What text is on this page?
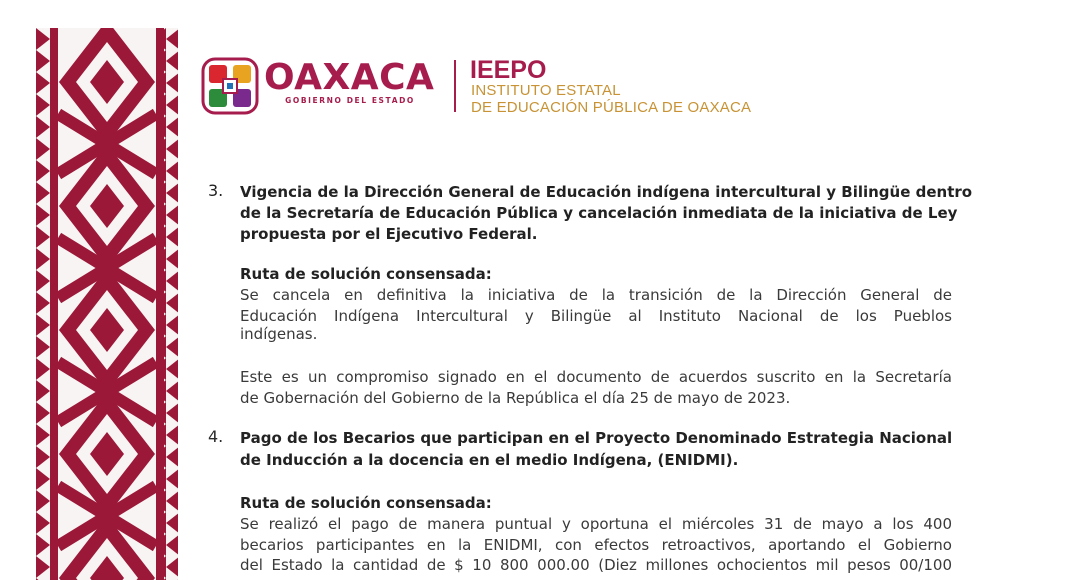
OAXACA
GOBIERNO DEL ESTADO
IEEPO
INSTITUTO ESTATAL
DE EDUCACIÓN PÚBLICA DE OAXACA
3. Vigencia de la Dirección General de Educación indígena intercultural y Bilingüe dentro
de la Secretaría de Educación Pública y cancelación inmediata de la iniciativa de Ley
propuesta por el Ejecutivo Federal.
Ruta de solución consensada:
Se cancela en definitiva la iniciativa de la transición de la Dirección General de
Educación Indígena Intercultural y Bilingüe al Instituto Nacional de los Pueblos
indígenas.
Este es un compromiso signado en el documento de acuerdos suscrito en la Secretaría
de Gobernación del Gobierno de la República el día 25 de mayo de 2023.
4. Pago de los Becarios que participan en el Proyecto Denominado Estrategia Nacional
de Inducción a la docencia en el medio Indígena, (ENIDMI).
Ruta de solución consensada:
Se realizó el pago de manera puntual y oportuna el miércoles 31 de mayo a los 400
becarios participantes en la ENIDMI, con efectos retroactivos, aportando el Gobierno
del Estado la cantidad de $ 10 800 000.00 (Diez millones ochocientos mil pesos 00/100
